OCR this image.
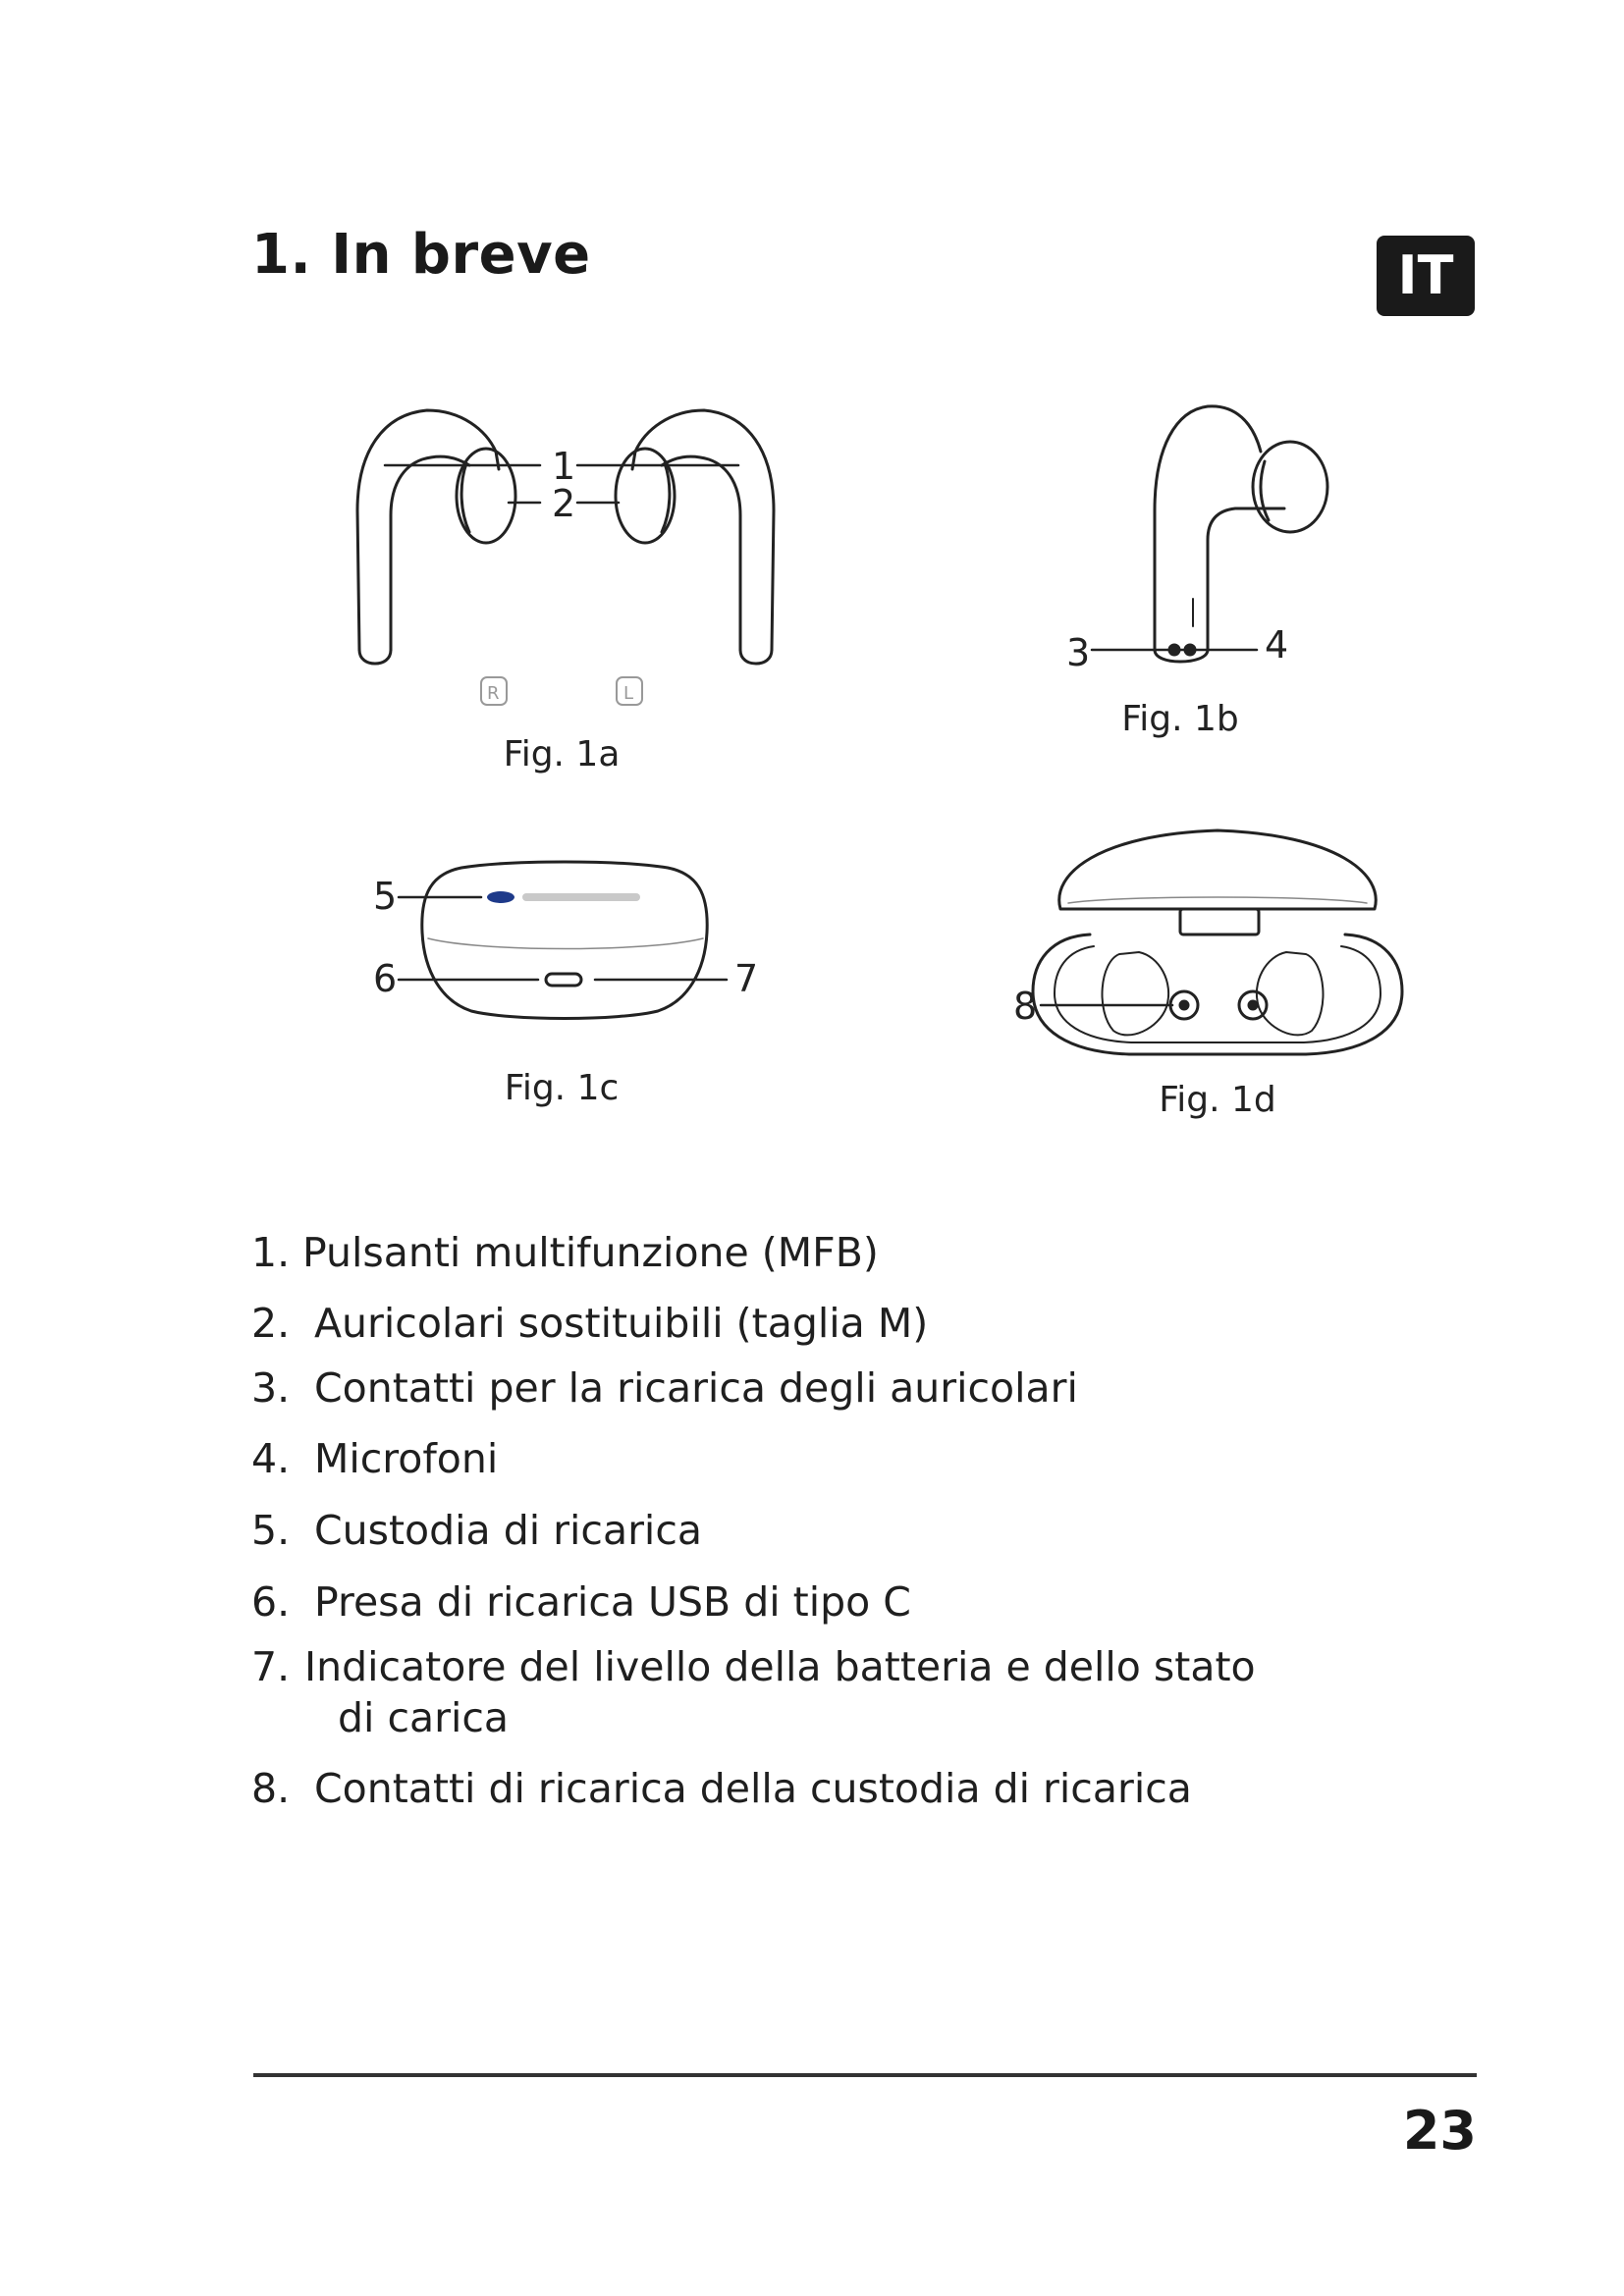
1. In breve	IT
1
2
R	L
Fig. 1a
3	4
Fig. 1b
5
6	7
Fig. 1c
8
Fig. 1d
1. Pulsanti multifunzione (MFB)
2. Auricolari sostituibili (taglia M)
3. Contatti per la ricarica degli auricolari
4. Microfoni
5. Custodia di ricarica
6. Presa di ricarica USB di tipo C
7. Indicatore del livello della batteria e dello stato
di carica
8. Contatti di ricarica della custodia di ricarica
23
